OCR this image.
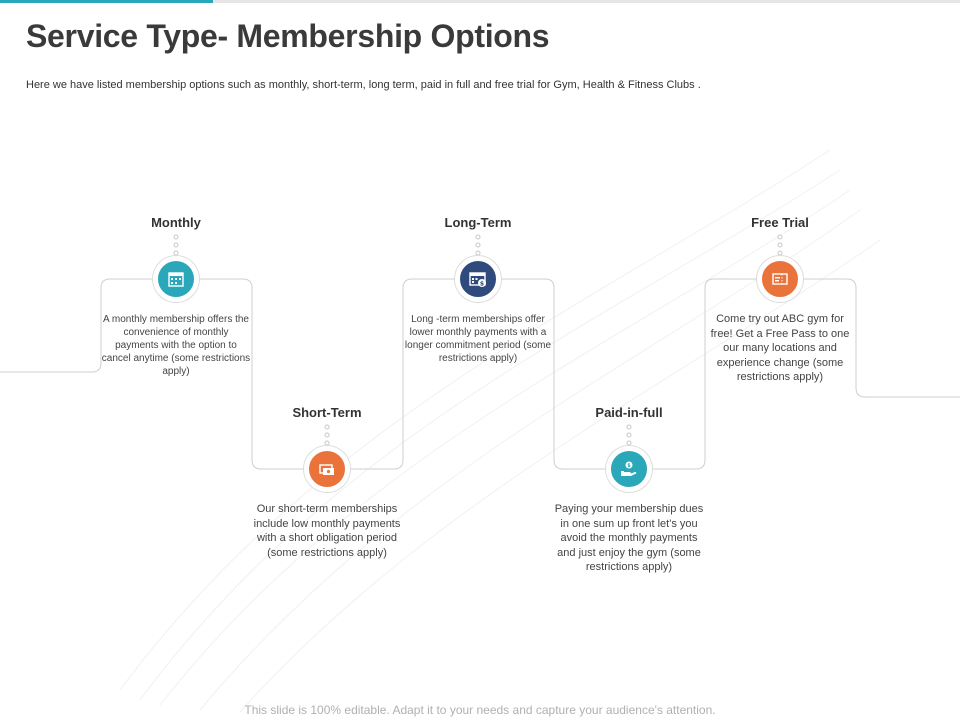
Service Type- Membership Options
Here we have listed membership options such as monthly, short-term, long term, paid in full and free trial for Gym, Health & Fitness Clubs .
Monthly
A monthly membership offers the convenience of monthly payments with the option to cancel anytime (some restrictions apply)
Short-Term
Our short-term memberships include low monthly payments with a short obligation period (some restrictions apply)
Long-Term
$
Long -term memberships offer lower monthly payments with a longer commitment period (some restrictions apply)
Paid-in-full
$
Paying your membership dues in one sum up front let's you avoid the monthly payments and just enjoy the gym (some restrictions apply)
Free Trial
Come try out ABC gym for free! Get a Free Pass to one our many locations and experience change (some restrictions apply)
This slide is 100% editable. Adapt it to your needs and capture your audience's attention.
